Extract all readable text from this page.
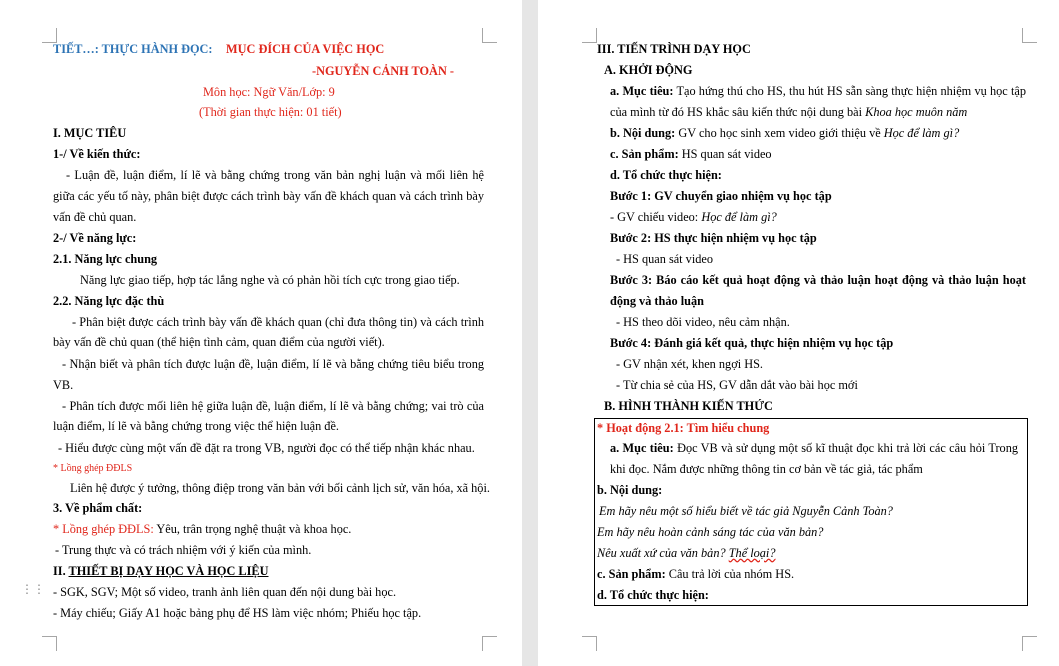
TIẾT…: THỰC HÀNH ĐỌC: MỤC ĐÍCH CỦA VIỆC HỌC
-NGUYỄN CẢNH TOÀN -
Môn học: Ngữ Văn/Lớp: 9
(Thời gian thực hiện: 01 tiết)
I. MỤC TIÊU
1-/ Về kiến thức:
- Luận đề, luận điểm, lí lẽ và bằng chứng trong văn bản nghị luận và mối liên hệ
giữa các yếu tố này, phân biệt được cách trình bày vấn đề khách quan và cách trình bày
vấn đề chủ quan.
2-/ Về năng lực:
2.1. Năng lực chung
Năng lực giao tiếp, hợp tác lắng nghe và có phản hồi tích cực trong giao tiếp.
2.2. Năng lực đặc thù
- Phân biệt được cách trình bày vấn đề khách quan (chỉ đưa thông tin) và cách trình
bày vấn đề chủ quan (thể hiện tình cảm, quan điểm của người viết).
- Nhận biết và phân tích được luận đề, luận điểm, lí lẽ và bằng chứng tiêu biểu trong
VB.
- Phân tích được mối liên hệ giữa luận đề, luận điểm, lí lẽ và bằng chứng; vai trò của
luận điểm, lí lẽ và bằng chứng trong việc thể hiện luận đề.
- Hiểu được cùng một vấn đề đặt ra trong VB, người đọc có thể tiếp nhận khác nhau.
* Lồng ghép ĐĐLS
Liên hệ được ý tưởng, thông điệp trong văn bản với bối cảnh lịch sử, văn hóa, xã hội.
3. Về phẩm chất:
* Lồng ghép ĐĐLS: Yêu, trân trọng nghệ thuật và khoa học.
- Trung thực và có trách nhiệm với ý kiến của mình.
II. THIẾT BỊ DẠY HỌC VÀ HỌC LIỆU
- SGK, SGV; Một số video, tranh ảnh liên quan đến nội dung bài học.
- Máy chiếu; Giấy A1 hoặc bảng phụ để HS làm việc nhóm; Phiếu học tập.
⋮⋮
III. TIẾN TRÌNH DẠY HỌC
A. KHỞI ĐỘNG
a. Mục tiêu: Tạo hứng thú cho HS, thu hút HS sẵn sàng thực hiện nhiệm vụ học tập
của mình từ đó HS khắc sâu kiến thức nội dung bài Khoa học muôn năm
b. Nội dung: GV cho học sinh xem video giới thiệu về Học để làm gì?
c. Sản phẩm: HS quan sát video
d. Tổ chức thực hiện:
Bước 1: GV chuyển giao nhiệm vụ học tập
- GV chiếu video: Học để làm gì?
Bước 2: HS thực hiện nhiệm vụ học tập
- HS quan sát video
Bước 3: Báo cáo kết quả hoạt động và thảo luận hoạt động và thảo luận hoạt
động và thảo luận
- HS theo dõi video, nêu cảm nhận.
Bước 4: Đánh giá kết quả, thực hiện nhiệm vụ học tập
- GV nhận xét, khen ngợi HS.
- Từ chia sẻ của HS, GV dẫn dắt vào bài học mới
B. HÌNH THÀNH KIẾN THỨC
* Hoạt động 2.1: Tìm hiểu chung
a. Mục tiêu: Đọc VB và sử dụng một số kĩ thuật đọc khi trả lời các câu hỏi Trong
khi đọc. Nắm được những thông tin cơ bản về tác giả, tác phẩm
b. Nội dung:
Em hãy nêu một số hiểu biết về tác giả Nguyễn Cảnh Toàn?
Em hãy nêu hoàn cảnh sáng tác của văn bản?
Nêu xuất xứ của văn bản? Thể loại?
c. Sản phẩm: Câu trả lời của nhóm HS.
d. Tổ chức thực hiện:
